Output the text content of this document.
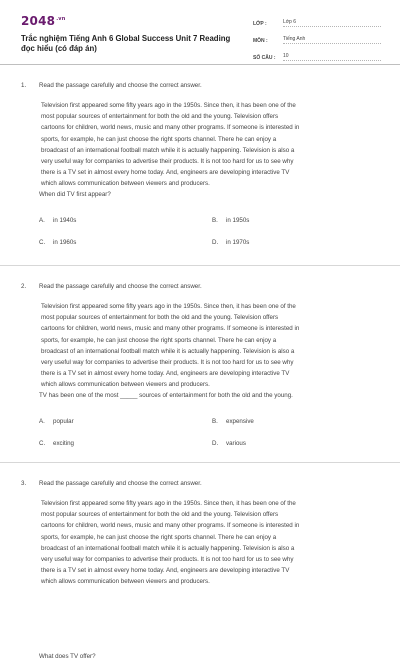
$2048^{.vn}$
Trắc nghiệm Tiếng Anh 6 Global Success Unit 7 Reading đọc hiểu (có đáp án)
LỚP :	Lớp 6
MÔN :	Tiếng Anh
SỐ CÂU :	10
1. Read the passage carefully and choose the correct answer.

Television first appeared some fifty years ago in the 1950s. Since then, it has been one of the

most popular sources of entertainment for both the old and the young. Television offers

cartoons for children, world news, music and many other programs. If someone is interested in

sports, for example, he can just choose the right sports channel. There he can enjoy a

broadcast of an international football match while it is actually happening. Television is also a

very useful way for companies to advertise their products. It is not too hard for us to see why

there is a TV set in almost every home today. And, engineers are developing interactive TV

which allows communication between viewers and producers.

When did TV first appear?
A.	in 1940s	B.	in 1950s
C.	in 1960s	D.	in 1970s
2. Read the passage carefully and choose the correct answer.

Television first appeared some fifty years ago in the 1950s. Since then, it has been one of the

most popular sources of entertainment for both the old and the young. Television offers

cartoons for children, world news, music and many other programs. If someone is interested in

sports, for example, he can just choose the right sports channel. There he can enjoy a

broadcast of an international football match while it is actually happening. Television is also a

very useful way for companies to advertise their products. It is not too hard for us to see why

there is a TV set in almost every home today. And, engineers are developing interactive TV

which allows communication between viewers and producers.

TV has been one of the most _____ sources of entertainment for both the old and the young.
A.	popular	B.	expensive
C.	exciting	D.	various
3. Read the passage carefully and choose the correct answer.

Television first appeared some fifty years ago in the 1950s. Since then, it has been one of the

most popular sources of entertainment for both the old and the young. Television offers

cartoons for children, world news, music and many other programs. If someone is interested in

sports, for example, he can just choose the right sports channel. There he can enjoy a

broadcast of an international football match while it is actually happening. Television is also a

very useful way for companies to advertise their products. It is not too hard for us to see why

there is a TV set in almost every home today. And, engineers are developing interactive TV

which allows communication between viewers and producers.

What does TV offer?
